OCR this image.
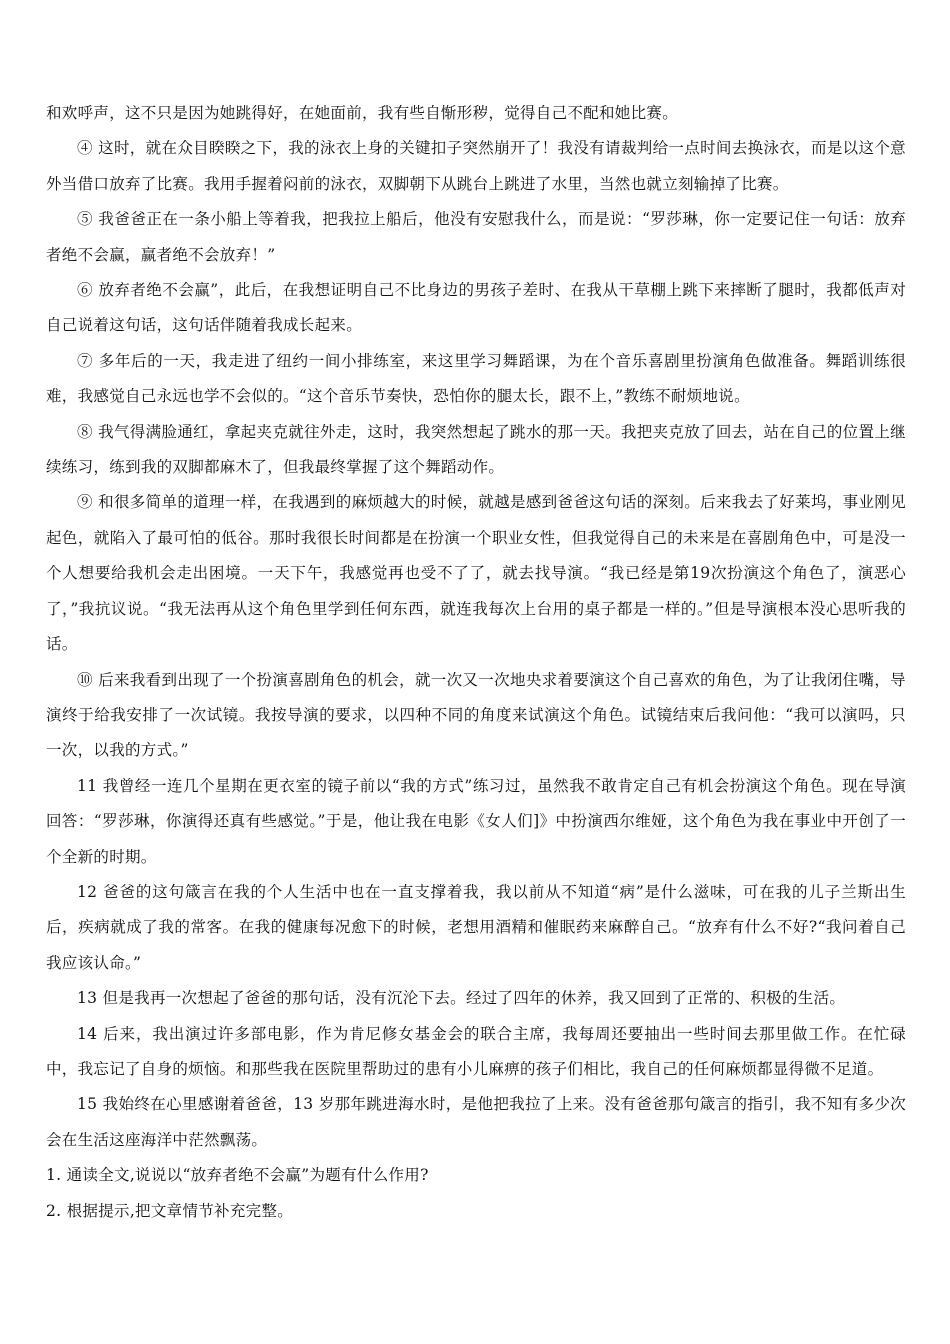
和欢呼声，这不只是因为她跳得好，在她面前，我有些自惭形秽，觉得自己不配和她比赛。

④ 这时，就在众目睽睽之下，我的泳衣上身的关键扣子突然崩开了！我没有请裁判给一点时间去换泳衣，而是以这个意外当借口放弃了比赛。我用手握着闷前的泳衣，双脚朝下从跳台上跳进了水里，当然也就立刻输掉了比赛。

⑤ 我爸爸正在一条小船上等着我，把我拉上船后，他没有安慰我什么，而是说：“罗莎琳，你一定要记住一句话：放弃者绝不会赢，赢者绝不会放弃！”

⑥ 放弃者绝不会赢”，此后，在我想证明自己不比身边的男孩子差时、在我从干草棚上跳下来摔断了腿时，我都低声对自己说着这句话，这句话伴随着我成长起来。

⑦ 多年后的一天，我走进了纽约一间小排练室，来这里学习舞蹈课，为在个音乐喜剧里扮演角色做准备。舞蹈训练很难，我感觉自己永远也学不会似的。“这个音乐节奏快，恐怕你的腿太长，跟不上，”教练不耐烦地说。

⑧ 我气得满脸通红，拿起夹克就往外走，这时，我突然想起了跳水的那一天。我把夹克放了回去，站在自己的位置上继续练习，练到我的双脚都麻木了，但我最终掌握了这个舞蹈动作。

⑨ 和很多简单的道理一样，在我遇到的麻烦越大的时候，就越是感到爸爸这句话的深刻。后来我去了好莱坞，事业刚见起色，就陷入了最可怕的低谷。那时我很长时间都是在扮演一个职业女性，但我觉得自己的未来是在喜剧角色中，可是没一个人想要给我机会走出困境。一天下午，我感觉再也受不了了，就去找导演。“我已经是第19次扮演这个角色了，演恶心了，”我抗议说。“我无法再从这个角色里学到任何东西，就连我每次上台用的桌子都是一样的。”但是导演根本没心思听我的话。

⑩ 后来我看到出现了一个扮演喜剧角色的机会，就一次又一次地央求着要演这个自己喜欢的角色，为了让我闭住嘴，导演终于给我安排了一次试镜。我按导演的要求，以四种不同的角度来试演这个角色。试镜结束后我问他：“我可以演吗，只一次，以我的方式。”

11 我曾经一连几个星期在更衣室的镜子前以“我的方式”练习过，虽然我不敢肯定自己有机会扮演这个角色。现在导演回答：“罗莎琳，你演得还真有些感觉。”于是，他让我在电影《女人们]》中扮演西尔维娅，这个角色为我在事业中开创了一个全新的时期。

12 爸爸的这句箴言在我的个人生活中也在一直支撑着我，我以前从不知道“病”是什么滋味，可在我的儿子兰斯出生后，疾病就成了我的常客。在我的健康每况愈下的时候，老想用酒精和催眠药来麻醉自己。“放弃有什么不好?“我问着自己我应该认命。”

13 但是我再一次想起了爸爸的那句话，没有沉沦下去。经过了四年的休养，我又回到了正常的、积极的生活。

14 后来，我出演过许多部电影，作为肯尼修女基金会的联合主席，我每周还要抽出一些时间去那里做工作。在忙碌中，我忘记了自身的烦恼。和那些我在医院里帮助过的患有小儿麻痹的孩子们相比，我自己的任何麻烦都显得微不足道。

15 我始终在心里感谢着爸爸，13 岁那年跳进海水时，是他把我拉了上来。没有爸爸那句箴言的指引，我不知有多少次会在生活这座海洋中茫然飘荡。

1. 通读全文,说说以“放弃者绝不会赢”为题有什么作用?

2. 根据提示,把文章情节补充完整。
